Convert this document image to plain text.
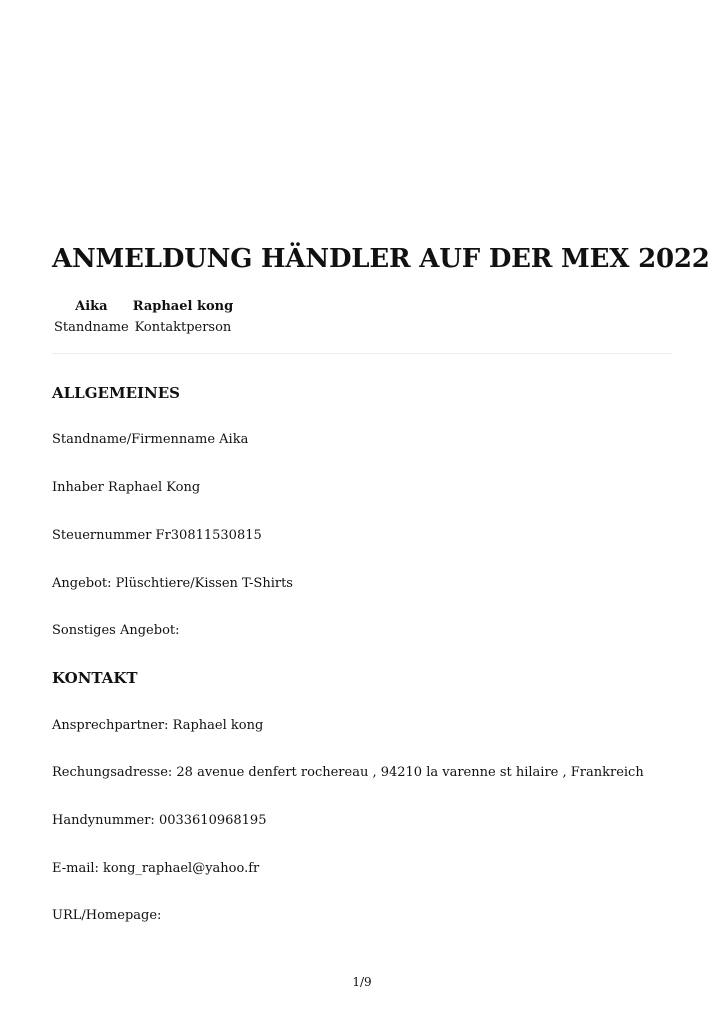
ANMELDUNG HÄNDLER AUF DER MEX 2022
Aika	Raphael kong
Standname	Kontaktperson
ALLGEMEINES
Standname/Firmenname Aika
Inhaber Raphael Kong
Steuernummer Fr30811530815
Angebot: Plüschtiere/Kissen T-Shirts
Sonstiges Angebot:
KONTAKT
Ansprechpartner: Raphael kong
Rechungsadresse: 28 avenue denfert rochereau , 94210 la varenne st hilaire , Frankreich
Handynummer: 0033610968195
E-mail: kong_raphael@yahoo.fr
URL/Homepage:
1/9
